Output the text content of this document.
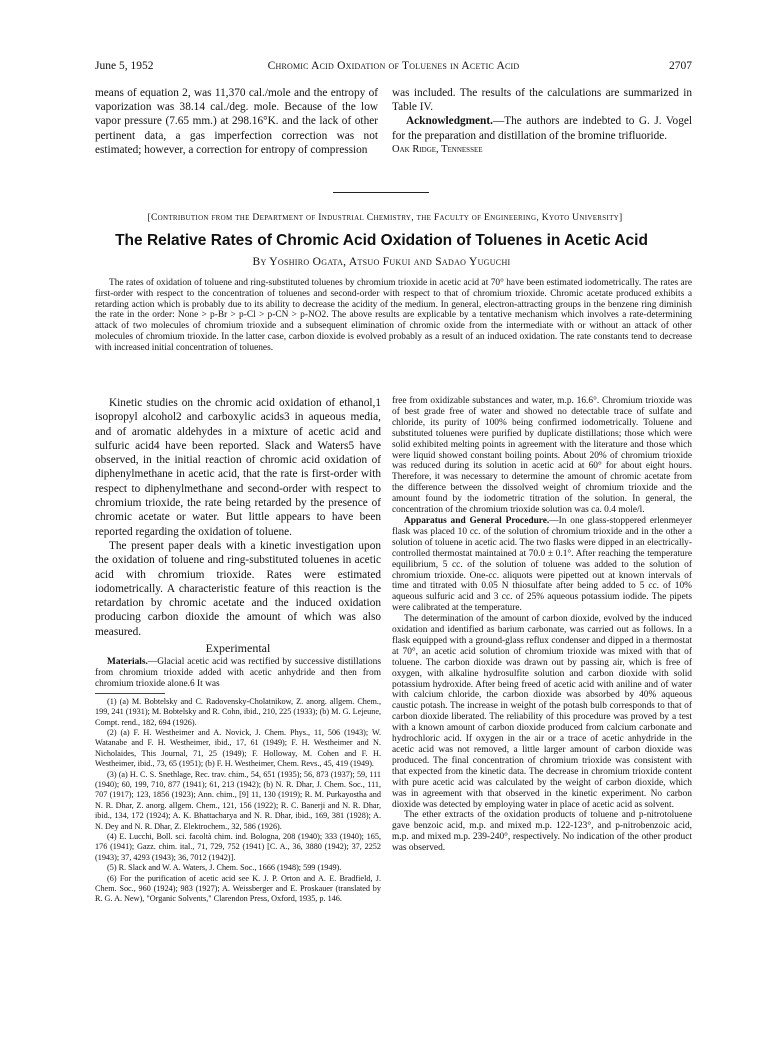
June 5, 1952	Chromic Acid Oxidation of Toluenes in Acetic Acid	2707

means of equation 2, was 11,370 cal./mole and the entropy of vaporization was 38.14 cal./deg. mole. Because of the low vapor pressure (7.65 mm.) at 298.16°K. and the lack of other pertinent data, a gas imperfection correction was not estimated; however, a correction for entropy of compression

was included. The results of the calculations are summarized in Table IV.

Acknowledgment.—The authors are indebted to G. J. Vogel for the preparation and distillation of the bromine trifluoride.

Oak Ridge, Tennessee

[Contribution from the Department of Industrial Chemistry, the Faculty of Engineering, Kyoto University]
The Relative Rates of Chromic Acid Oxidation of Toluenes in Acetic Acid
By Yoshiro Ogata, Atsuo Fukui and Sadao Yuguchi

The rates of oxidation of toluene and ring-substituted toluenes by chromium trioxide in acetic acid at 70° have been estimated iodometrically. The rates are first-order with respect to the concentration of toluenes and second-order with respect to that of chromium trioxide. Chromic acetate produced exhibits a retarding action which is probably due to its ability to decrease the acidity of the medium. In general, electron-attracting groups in the benzene ring diminish the rate in the order: None > p-Br > p-Cl > p-CN > p-NO2. The above results are explicable by a tentative mechanism which involves a rate-determining attack of two molecules of chromium trioxide and a subsequent elimination of chromic oxide from the intermediate with or without an attack of other molecules of chromium trioxide. In the latter case, carbon dioxide is evolved probably as a result of an induced oxidation. The rate constants tend to decrease with increased initial concentration of toluenes.

Kinetic studies on the chromic acid oxidation of ethanol,1 isopropyl alcohol2 and carboxylic acids3 in aqueous media, and of aromatic aldehydes in a mixture of acetic acid and sulfuric acid4 have been reported. Slack and Waters5 have observed, in the initial reaction of chromic acid oxidation of diphenylmethane in acetic acid, that the rate is first-order with respect to diphenylmethane and second-order with respect to chromium trioxide, the rate being retarded by the presence of chromic acetate or water. But little appears to have been reported regarding the oxidation of toluene.

The present paper deals with a kinetic investigation upon the oxidation of toluene and ring-substituted toluenes in acetic acid with chromium trioxide. Rates were estimated iodometrically. A characteristic feature of this reaction is the retardation by chromic acetate and the induced oxidation producing carbon dioxide the amount of which was also measured.

Experimental

Materials.—Glacial acetic acid was rectified by successive distillations from chromium trioxide added with acetic anhydride and then from chromium trioxide alone.6 It was

(1) (a) M. Bobtelsky and C. Radovensky-Cholatnikow, Z. anorg. allgem. Chem., 199, 241 (1931); M. Bobtelsky and R. Cohn, ibid., 210, 225 (1933); (b) M. G. Lejeune, Compt. rend., 182, 694 (1926).

(2) (a) F. H. Westheimer and A. Novick, J. Chem. Phys., 11, 506 (1943); W. Watanabe and F. H. Westheimer, ibid., 17, 61 (1949); F. H. Westheimer and N. Nicholaides, This Journal, 71, 25 (1949); F. Holloway, M. Cohen and F. H. Westheimer, ibid., 73, 65 (1951); (b) F. H. Westheimer, Chem. Revs., 45, 419 (1949).

(3) (a) H. C. S. Snethlage, Rec. trav. chim., 54, 651 (1935); 56, 873 (1937); 59, 111 (1940); 60, 199, 710, 877 (1941); 61, 213 (1942); (b) N. R. Dhar, J. Chem. Soc., 111, 707 (1917); 123, 1856 (1923); Ann. chim., [9] 11, 130 (1919); R. M. Purkayostha and N. R. Dhar, Z. anorg. allgem. Chem., 121, 156 (1922); R. C. Banerji and N. R. Dhar, ibid., 134, 172 (1924); A. K. Bhattacharya and N. R. Dhar, ibid., 169, 381 (1928); A. N. Dey and N. R. Dhar, Z. Elektrochem., 32, 586 (1926).

(4) E. Lucchi, Boll. sci. facoltà chim. ind. Bologna, 208 (1940); 333 (1940); 165, 176 (1941); Gazz. chim. ital., 71, 729, 752 (1941) [C. A., 36, 3880 (1942); 37, 2252 (1943); 37, 4293 (1943); 36, 7012 (1942)].

(5) R. Slack and W. A. Waters, J. Chem. Soc., 1666 (1948); 599 (1949).

(6) For the purification of acetic acid see K. J. P. Orton and A. E. Bradfield, J. Chem. Soc., 960 (1924); 983 (1927); A. Weissberger and E. Proskauer (translated by R. G. A. New), "Organic Solvents," Clarendon Press, Oxford, 1935, p. 146.

free from oxidizable substances and water, m.p. 16.6°. Chromium trioxide was of best grade free of water and showed no detectable trace of sulfate and chloride, its purity of 100% being confirmed iodometrically. Toluene and substituted toluenes were purified by duplicate distillations; those which were solid exhibited melting points in agreement with the literature and those which were liquid showed constant boiling points. About 20% of chromium trioxide was reduced during its solution in acetic acid at 60° for about eight hours. Therefore, it was necessary to determine the amount of chromic acetate from the difference between the dissolved weight of chromium trioxide and the amount found by the iodometric titration of the solution. In general, the concentration of the chromium trioxide solution was ca. 0.4 mole/l.

Apparatus and General Procedure.—In one glass-stoppered erlenmeyer flask was placed 10 cc. of the solution of chromium trioxide and in the other a solution of toluene in acetic acid. The two flasks were dipped in an electrically-controlled thermostat maintained at 70.0 ± 0.1°. After reaching the temperature equilibrium, 5 cc. of the solution of toluene was added to the solution of chromium trioxide. One-cc. aliquots were pipetted out at known intervals of time and titrated with 0.05 N thiosulfate after being added to 5 cc. of 10% aqueous sulfuric acid and 3 cc. of 25% aqueous potassium iodide. The pipets were calibrated at the temperature.

The determination of the amount of carbon dioxide, evolved by the induced oxidation and identified as barium carbonate, was carried out as follows. In a flask equipped with a ground-glass reflux condenser and dipped in a thermostat at 70°, an acetic acid solution of chromium trioxide was mixed with that of toluene. The carbon dioxide was drawn out by passing air, which is free of oxygen, with alkaline hydrosulfite solution and carbon dioxide with solid potassium hydroxide. After being freed of acetic acid with aniline and of water with calcium chloride, the carbon dioxide was absorbed by 40% aqueous caustic potash. The increase in weight of the potash bulb corresponds to that of carbon dioxide liberated. The reliability of this procedure was proved by a test with a known amount of carbon dioxide produced from calcium carbonate and hydrochloric acid. If oxygen in the air or a trace of acetic anhydride in the acetic acid was not removed, a little larger amount of carbon dioxide was produced. The final concentration of chromium trioxide was consistent with that expected from the kinetic data. The decrease in chromium trioxide content with pure acetic acid was calculated by the weight of carbon dioxide, which was in agreement with that observed in the kinetic experiment. No carbon dioxide was detected by employing water in place of acetic acid as solvent.

The ether extracts of the oxidation products of toluene and p-nitrotoluene gave benzoic acid, m.p. and mixed m.p. 122-123°, and p-nitrobenzoic acid, m.p. and mixed m.p. 239-240°, respectively. No indication of the other product was observed.
